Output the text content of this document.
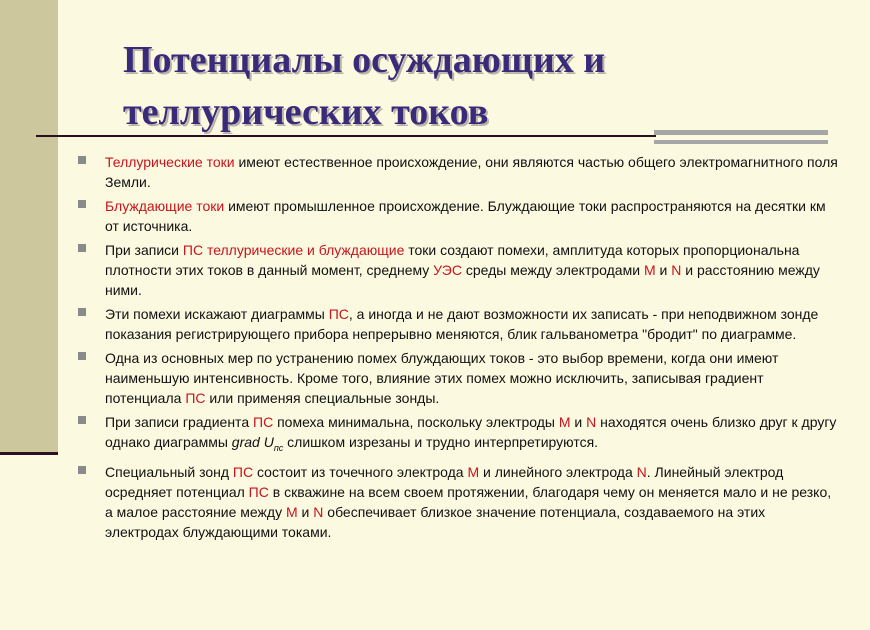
Потенциалы осуждающих и
теллурических токов
Теллурические токи имеют естественное происхождение, они являются частью общего электромагнитного поля Земли.
Блуждающие токи имеют промышленное происхождение. Блуждающие токи распространяются на десятки км от источника.
При записи ПС теллурические и блуждающие токи создают помехи, амплитуда которых пропорциональна плотности этих токов в данный момент, среднему УЭС среды между электродами M и N и расстоянию между ними.
Эти помехи искажают диаграммы ПС, а иногда и не дают возможности их записать - при неподвижном зонде показания регистрирующего прибора непрерывно меняются, блик гальванометра "бродит" по диаграмме.
Одна из основных мер по устранению помех блуждающих токов - это выбор времени, когда они имеют наименьшую интенсивность. Кроме того, влияние этих помех можно исключить, записывая градиент потенциала ПС или применяя специальные зонды.
При записи градиента ПС помеха минимальна, поскольку электроды M и N находятся очень близко друг к другу однако диаграммы grad $U_{пс}$ слишком изрезаны и трудно интерпретируются.
Специальный зонд ПС состоит из точечного электрода M и линейного электрода N. Линейный электрод осредняет потенциал ПС в скважине на всем своем протяжении, благодаря чему он меняется мало и не резко, а малое расстояние между M и N обеспечивает близкое значение потенциала, создаваемого на этих электродах блуждающими токами.
